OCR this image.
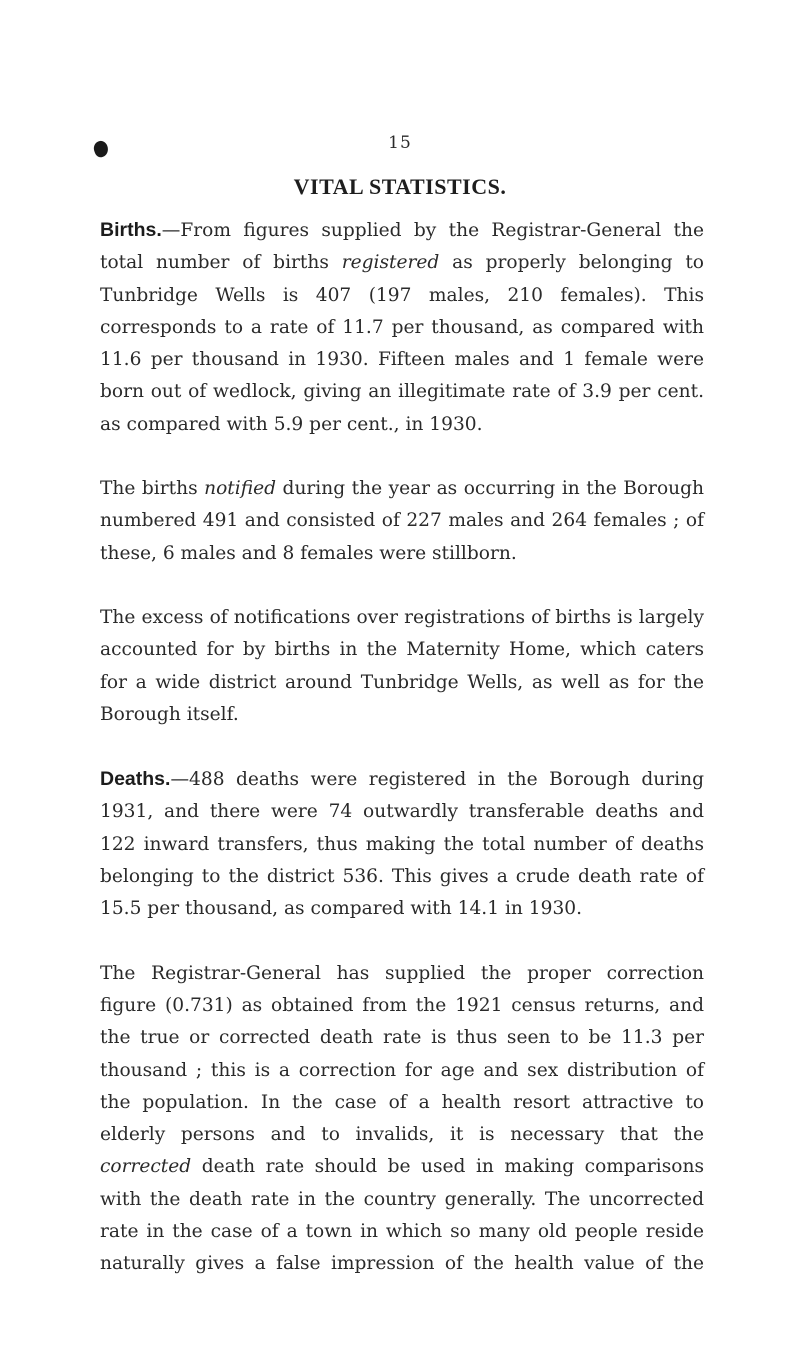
15
VITAL STATISTICS.

Births.—From figures supplied by the Registrar-General the total number of births registered as properly belonging to Tunbridge Wells is 407 (197 males, 210 females). This corresponds to a rate of 11.7 per thousand, as compared with 11.6 per thousand in 1930. Fifteen males and 1 female were born out of wedlock, giving an illegitimate rate of 3.9 per cent. as compared with 5.9 per cent., in 1930.

The births notified during the year as occurring in the Borough numbered 491 and consisted of 227 males and 264 females ; of these, 6 males and 8 females were stillborn.

The excess of notifications over registrations of births is largely accounted for by births in the Maternity Home, which caters for a wide district around Tunbridge Wells, as well as for the Borough itself.

Deaths.—488 deaths were registered in the Borough during 1931, and there were 74 outwardly transferable deaths and 122 inward transfers, thus making the total number of deaths belonging to the district 536. This gives a crude death rate of 15.5 per thousand, as compared with 14.1 in 1930.

The Registrar-General has supplied the proper correction figure (0.731) as obtained from the 1921 census returns, and the true or corrected death rate is thus seen to be 11.3 per thousand ; this is a correction for age and sex distribution of the population. In the case of a health resort attractive to elderly persons and to invalids, it is necessary that the corrected death rate should be used in making comparisons with the death rate in the country generally. The uncorrected rate in the case of a town in which so many old people reside naturally gives a false impression of the health value of the
